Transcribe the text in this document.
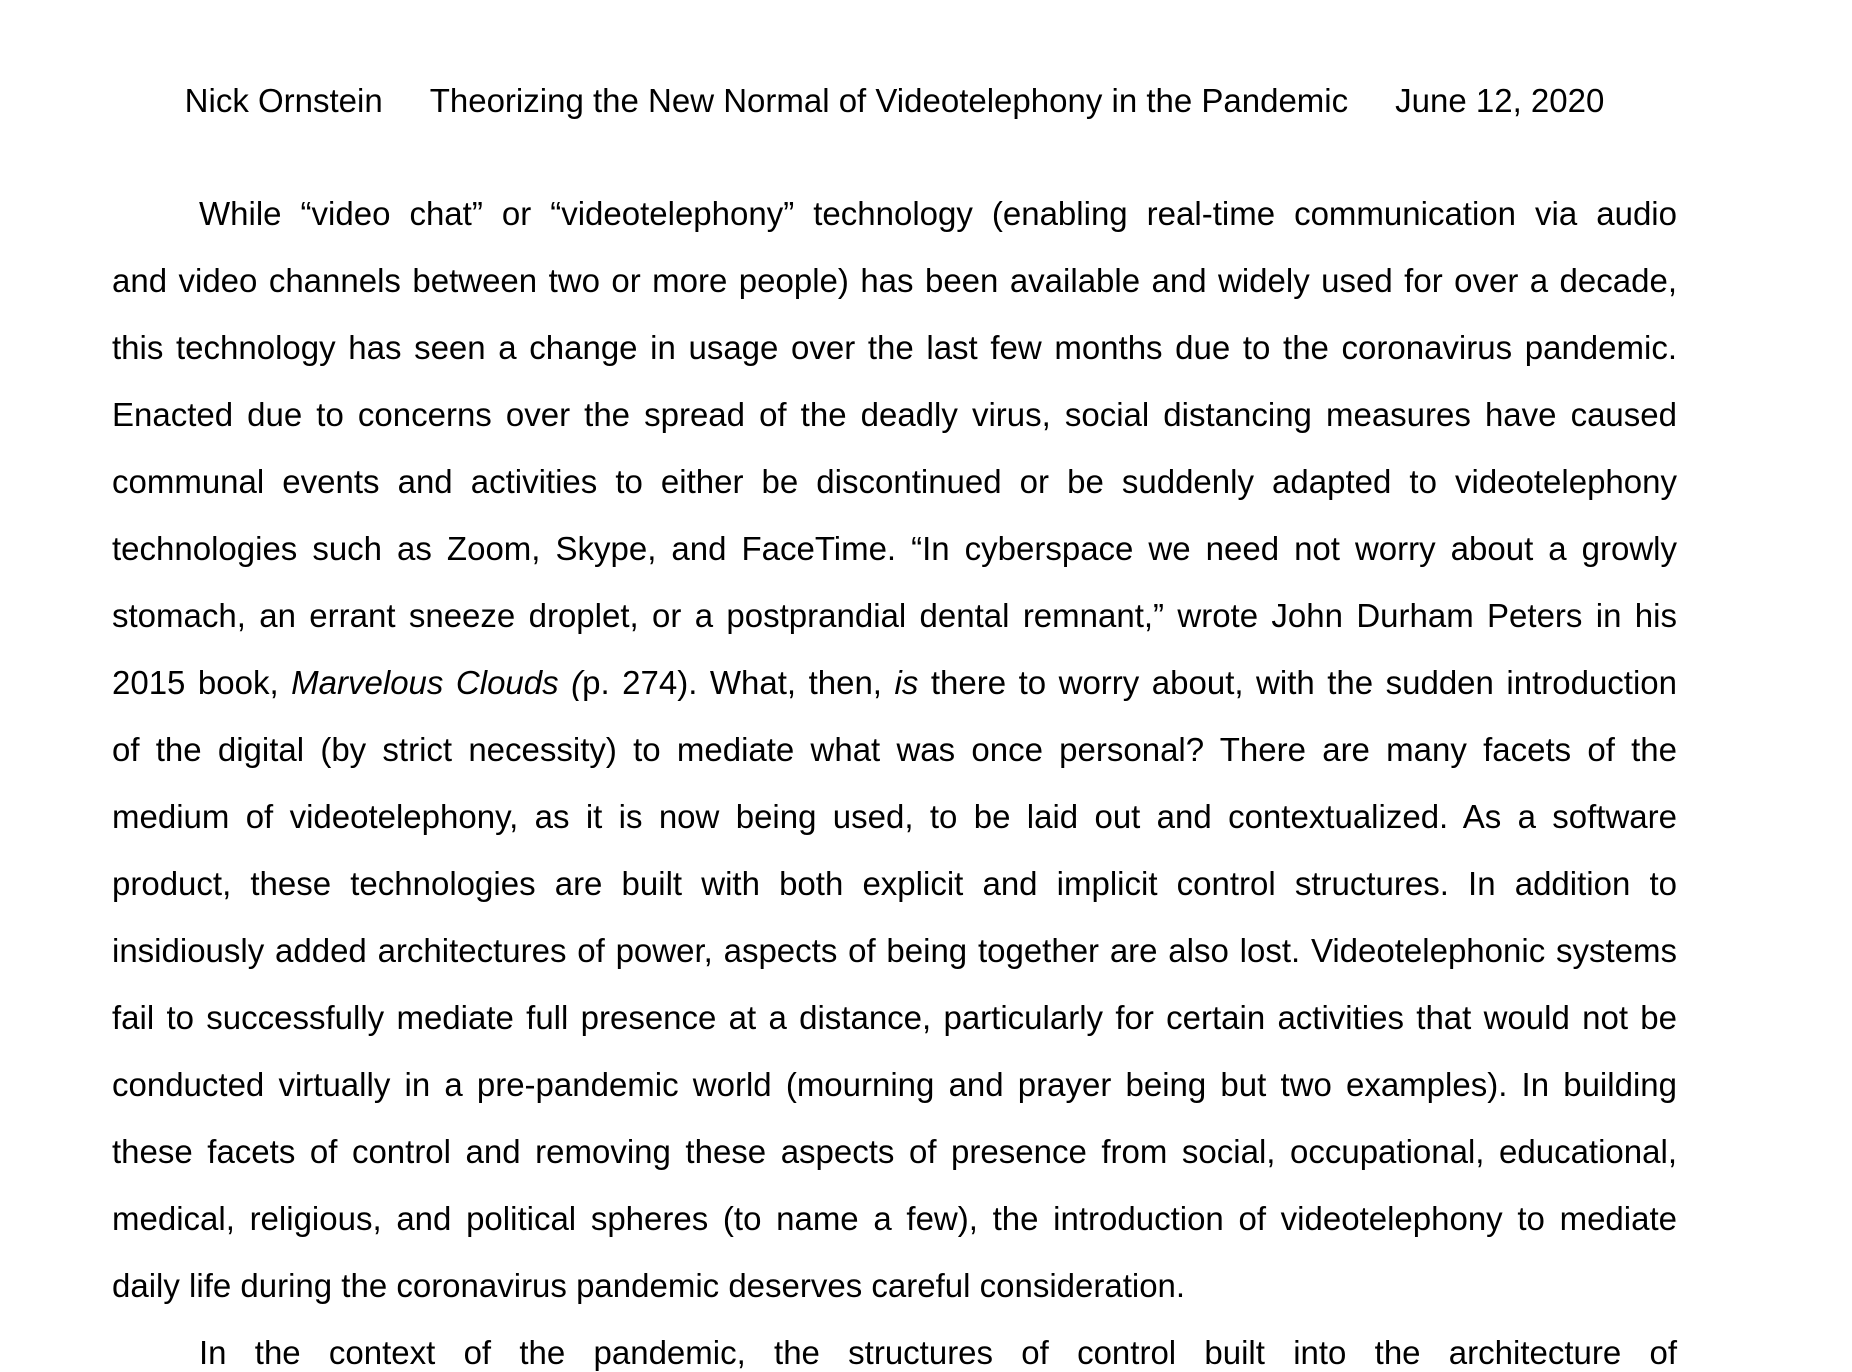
Nick Ornstein Theorizing the New Normal of Videotelephony in the Pandemic June 12, 2020
While “video chat” or “videotelephony” technology (enabling real-time communication via audio
and video channels between two or more people) has been available and widely used for over a decade,
this technology has seen a change in usage over the last few months due to the coronavirus pandemic.
Enacted due to concerns over the spread of the deadly virus, social distancing measures have caused
communal events and activities to either be discontinued or be suddenly adapted to videotelephony
technologies such as Zoom, Skype, and FaceTime. “In cyberspace we need not worry about a growly
stomach, an errant sneeze droplet, or a postprandial dental remnant,” wrote John Durham Peters in his
2015 book, Marvelous Clouds (p. 274). What, then, is there to worry about, with the sudden introduction
of the digital (by strict necessity) to mediate what was once personal? There are many facets of the
medium of videotelephony, as it is now being used, to be laid out and contextualized. As a software
product, these technologies are built with both explicit and implicit control structures. In addition to
insidiously added architectures of power, aspects of being together are also lost. Videotelephonic systems
fail to successfully mediate full presence at a distance, particularly for certain activities that would not be
conducted virtually in a pre-pandemic world (mourning and prayer being but two examples). In building
these facets of control and removing these aspects of presence from social, occupational, educational,
medical, religious, and political spheres (to name a few), the introduction of videotelephony to mediate
daily life during the coronavirus pandemic deserves careful consideration.
In the context of the pandemic, the structures of control built into the architecture of
